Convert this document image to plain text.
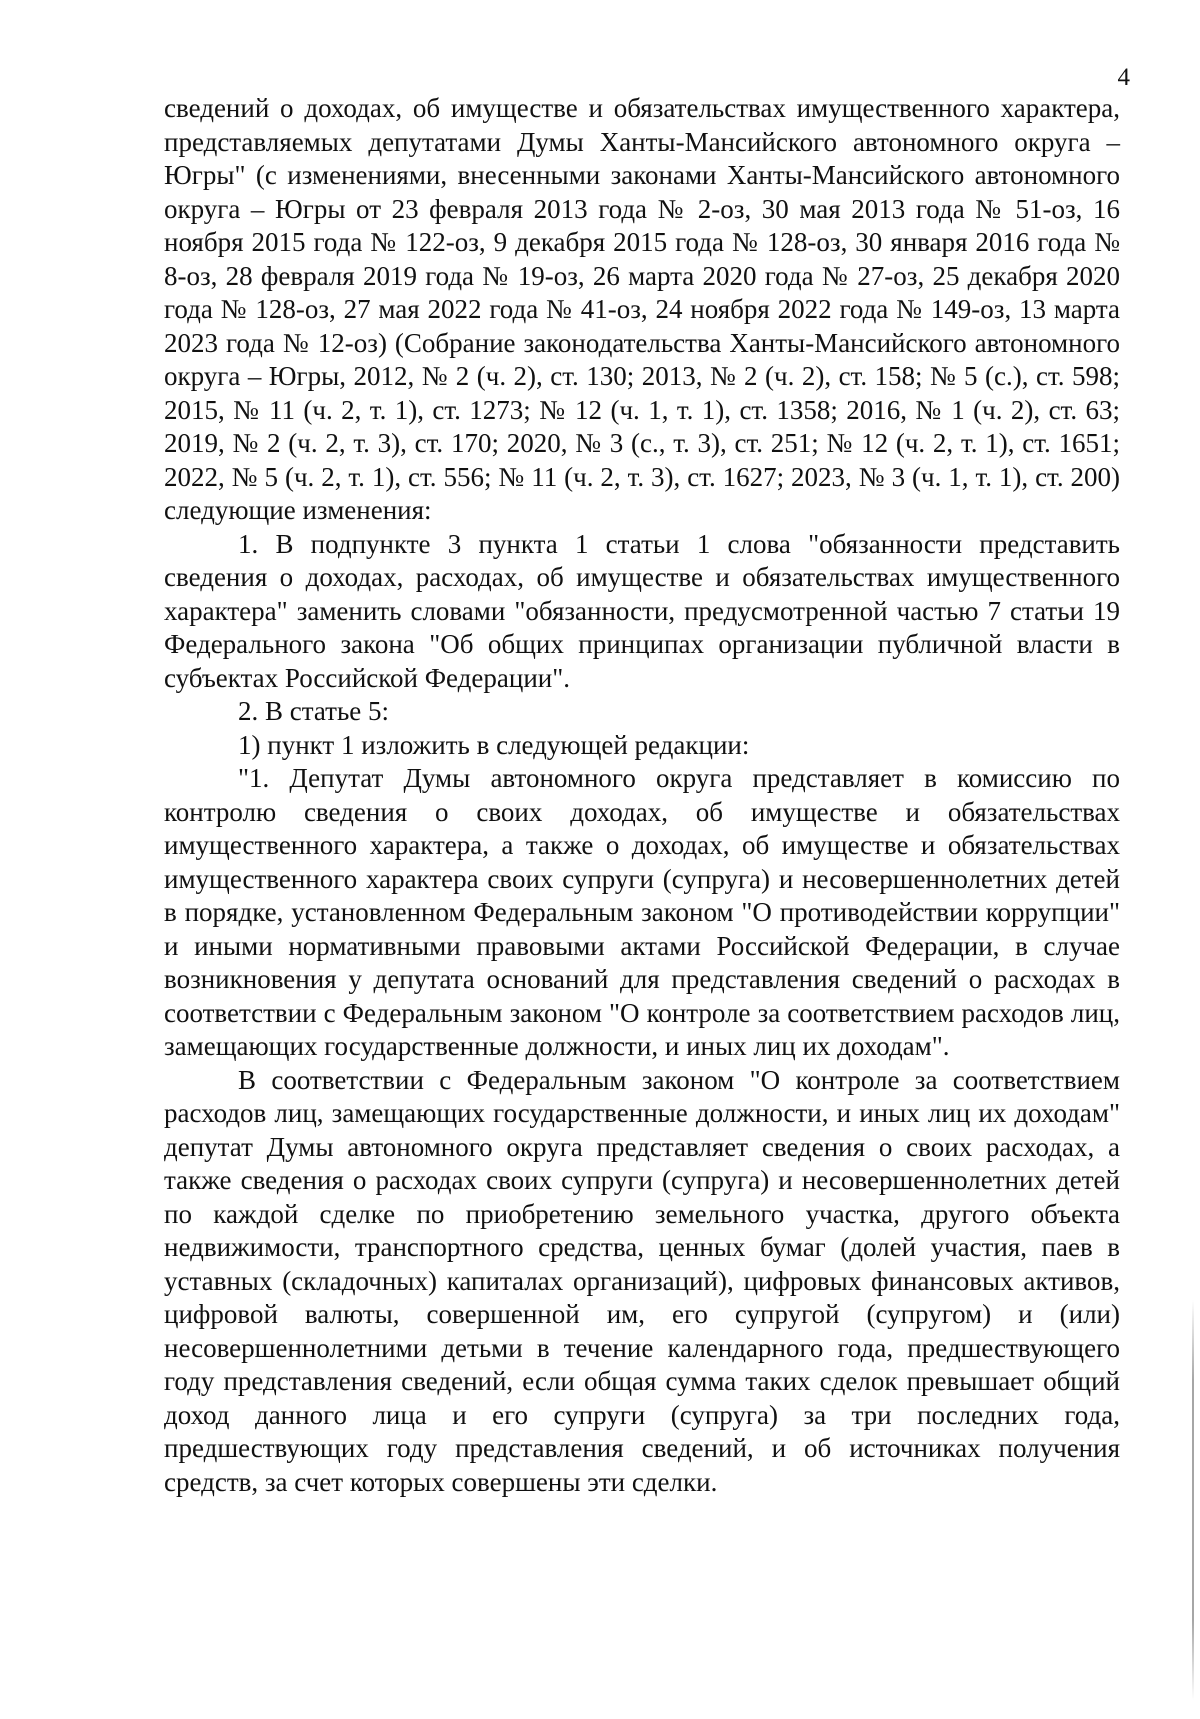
4

сведений о доходах, об имуществе и обязательствах имущественного характера, представляемых депутатами Думы Ханты-Мансийского автономного округа – Югры" (с изменениями, внесенными законами Ханты-Мансийского автономного округа – Югры от 23 февраля 2013 года № 2-оз, 30 мая 2013 года № 51-оз, 16 ноября 2015 года № 122-оз, 9 декабря 2015 года № 128-оз, 30 января 2016 года № 8-оз, 28 февраля 2019 года № 19-оз, 26 марта 2020 года № 27-оз, 25 декабря 2020 года № 128-оз, 27 мая 2022 года № 41-оз, 24 ноября 2022 года № 149-оз, 13 марта 2023 года № 12-оз) (Собрание законодательства Ханты-Мансийского автономного округа – Югры, 2012, № 2 (ч. 2), ст. 130; 2013, № 2 (ч. 2), ст. 158; № 5 (с.), ст. 598; 2015, № 11 (ч. 2, т. 1), ст. 1273; № 12 (ч. 1, т. 1), ст. 1358; 2016, № 1 (ч. 2), ст. 63; 2019, № 2 (ч. 2, т. 3), ст. 170; 2020, № 3 (с., т. 3), ст. 251; № 12 (ч. 2, т. 1), ст. 1651; 2022, № 5 (ч. 2, т. 1), ст. 556; № 11 (ч. 2, т. 3), ст. 1627; 2023, № 3 (ч. 1, т. 1), ст. 200) следующие изменения:

1. В подпункте 3 пункта 1 статьи 1 слова "обязанности представить сведения о доходах, расходах, об имуществе и обязательствах имущественного характера" заменить словами "обязанности, предусмотренной частью 7 статьи 19 Федерального закона "Об общих принципах организации публичной власти в субъектах Российской Федерации".

2. В статье 5:

1) пункт 1 изложить в следующей редакции:

"1. Депутат Думы автономного округа представляет в комиссию по контролю сведения о своих доходах, об имуществе и обязательствах имущественного характера, а также о доходах, об имуществе и обязательствах имущественного характера своих супруги (супруга) и несовершеннолетних детей в порядке, установленном Федеральным законом "О противодействии коррупции" и иными нормативными правовыми актами Российской Федерации, в случае возникновения у депутата оснований для представления сведений о расходах в соответствии с Федеральным законом "О контроле за соответствием расходов лиц, замещающих государственные должности, и иных лиц их доходам".

В соответствии с Федеральным законом "О контроле за соответствием расходов лиц, замещающих государственные должности, и иных лиц их доходам" депутат Думы автономного округа представляет сведения о своих расходах, а также сведения о расходах своих супруги (супруга) и несовершеннолетних детей по каждой сделке по приобретению земельного участка, другого объекта недвижимости, транспортного средства, ценных бумаг (долей участия, паев в уставных (складочных) капиталах организаций), цифровых финансовых активов, цифровой валюты, совершенной им, его супругой (супругом) и (или) несовершеннолетними детьми в течение календарного года, предшествующего году представления сведений, если общая сумма таких сделок превышает общий доход данного лица и его супруги (супруга) за три последних года, предшествующих году представления сведений, и об источниках получения средств, за счет которых совершены эти сделки.
